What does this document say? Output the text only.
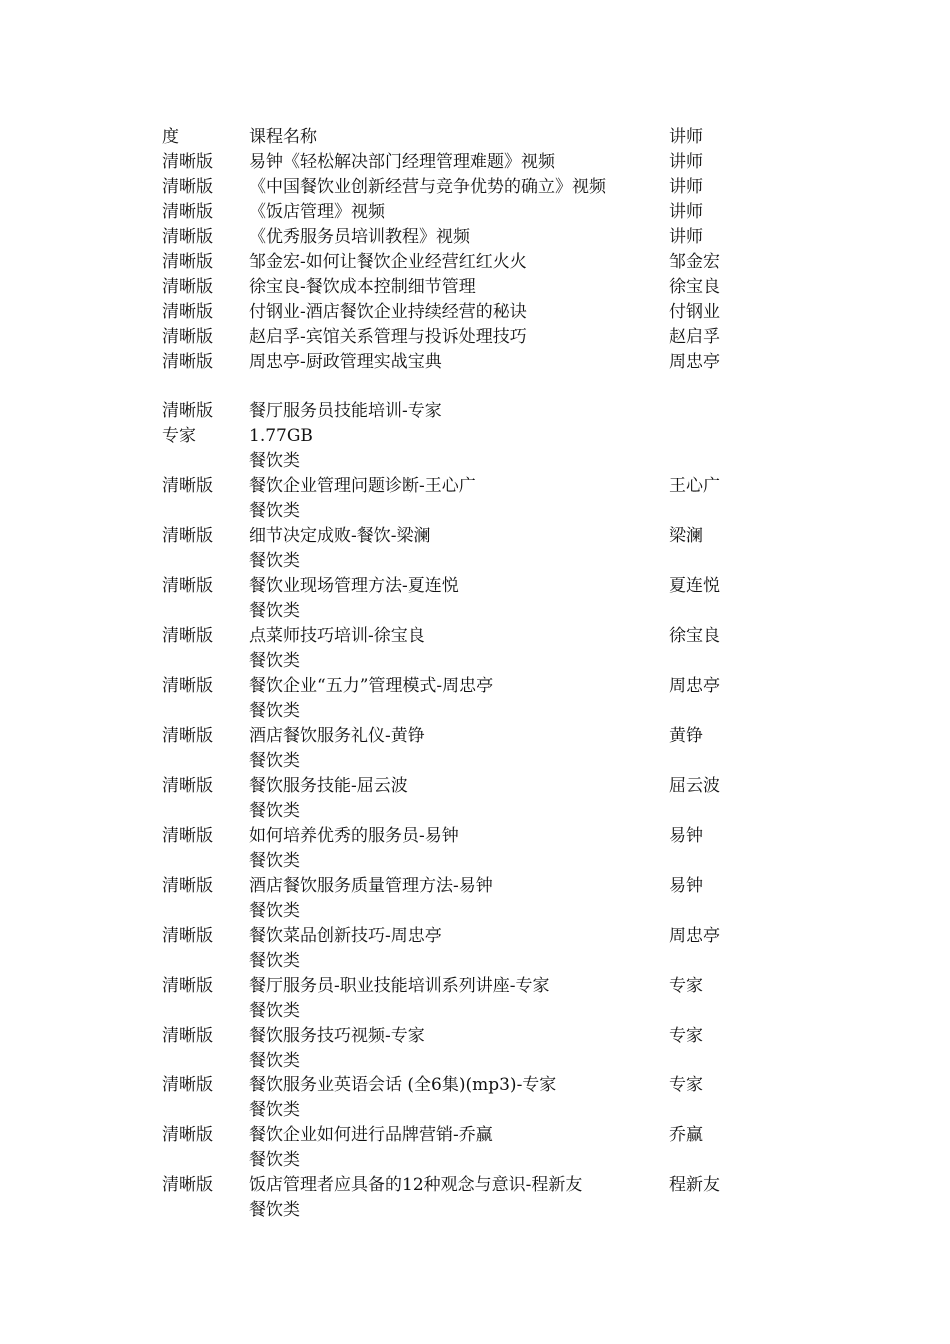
度	课程名称	讲师
清晰版 易钟《轻松解决部门经理管理难题》视频	讲师
清晰版 《中国餐饮业创新经营与竞争优势的确立》视频	讲师
清晰版 《饭店管理》视频	讲师
清晰版 《优秀服务员培训教程》视频	讲师
清晰版 邹金宏-如何让餐饮企业经营红红火火	邹金宏
清晰版 徐宝良-餐饮成本控制细节管理	徐宝良
清晰版 付钢业-酒店餐饮企业持续经营的秘诀	付钢业
清晰版 赵启孚-宾馆关系管理与投诉处理技巧	赵启孚
清晰版 周忠亭-厨政管理实战宝典	周忠亭
清晰版 餐厅服务员技能培训-专家
专家	1.77GB
餐饮类
清晰版 餐饮企业管理问题诊断-王心广	王心广
餐饮类
清晰版 细节决定成败-餐饮-梁澜	梁澜
餐饮类
清晰版 餐饮业现场管理方法-夏连悦	夏连悦
餐饮类
清晰版 点菜师技巧培训-徐宝良	徐宝良
餐饮类
清晰版 餐饮企业“五力”管理模式-周忠亭	周忠亭
餐饮类
清晰版 酒店餐饮服务礼仪-黄铮	黄铮
餐饮类
清晰版 餐饮服务技能-屈云波	屈云波
餐饮类
清晰版 如何培养优秀的服务员-易钟	易钟
餐饮类
清晰版 酒店餐饮服务质量管理方法-易钟	易钟
餐饮类
清晰版 餐饮菜品创新技巧-周忠亭	周忠亭
餐饮类
清晰版 餐厅服务员-职业技能培训系列讲座-专家	专家
餐饮类
清晰版 餐饮服务技巧视频-专家	专家
餐饮类
清晰版 餐饮服务业英语会话 (全6集)(mp3)-专家	专家
餐饮类
清晰版 餐饮企业如何进行品牌营销-乔赢	乔赢
餐饮类
清晰版 饭店管理者应具备的12种观念与意识-程新友	程新友
餐饮类
